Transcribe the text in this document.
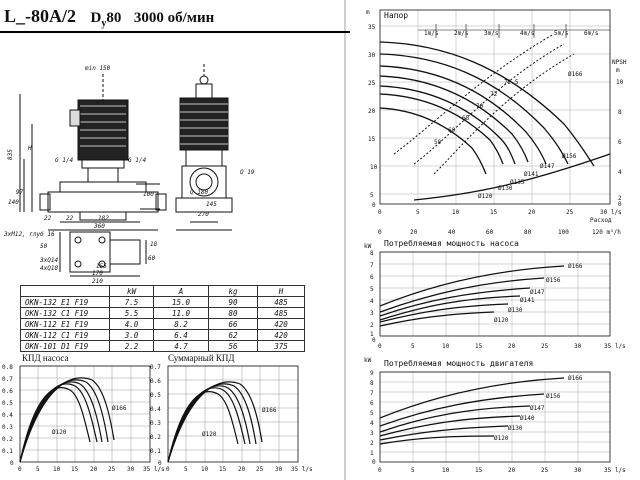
L_-80A/2 $D_y80$ 3000 об/мин
min 150
835
H
G 1/4	G 1/4
140
97
22 22	182
360
100	Q 180
Q 19
145
270
3xM12, глуб 16
50
3xQ14
4xQ18
18
60
155
170
210
	kW	A	kg	H
OKN-132 E1 F19	7.5	15.0	90	485
OKN-132 C1 F19	5.5	11.0	80	485
OKN-112 E1 F19	4.0	8.2	66	420
OKN-112 C1 F19	3.0	6.4	62	420
OKN-101 D1 F19	2.2	4.7	56	375
КПД насоса
0.8
0.7
0.6
0.5
0.4
0.3
0.2
0.1
0
0 5 10 15 20 25 30 35 l/s
Ø166
Ø120
Суммарный КПД
0.7
0.6
0.5
0.4
0.3
0.2
0.1
0
0 5 10 15 20 25 30 35 l/s
Ø166
Ø120
Напор
m
NPSH
m
35
30
25
20
15
10
5
0
10
8
6
4
2
0
0	5	10	15	20	25	30 l/s
0	20	40	60	80	100	120 m³/h
Расход
1m/s	2m/s	3m/s	4m/s	5m/s	6m/s
50
60
65
70
72
72.5
Ø166
Ø156
Ø147
Ø141
Ø135
Ø130
Ø120
Потребляемая мощность насоса
kW
8
7
6
5
4
3
2
1
0
0	5	10	15	20	25	30	35 l/s
Ø166
Ø156
Ø147
Ø141
Ø130
Ø120
Потребляемая мощность двигателя
kW
9
8
7
6
5
4
3
2
1
0
0	5	10	15	20	25	30	35 l/s
Ø166
Ø156
Ø147
Ø140
Ø130
Ø120
